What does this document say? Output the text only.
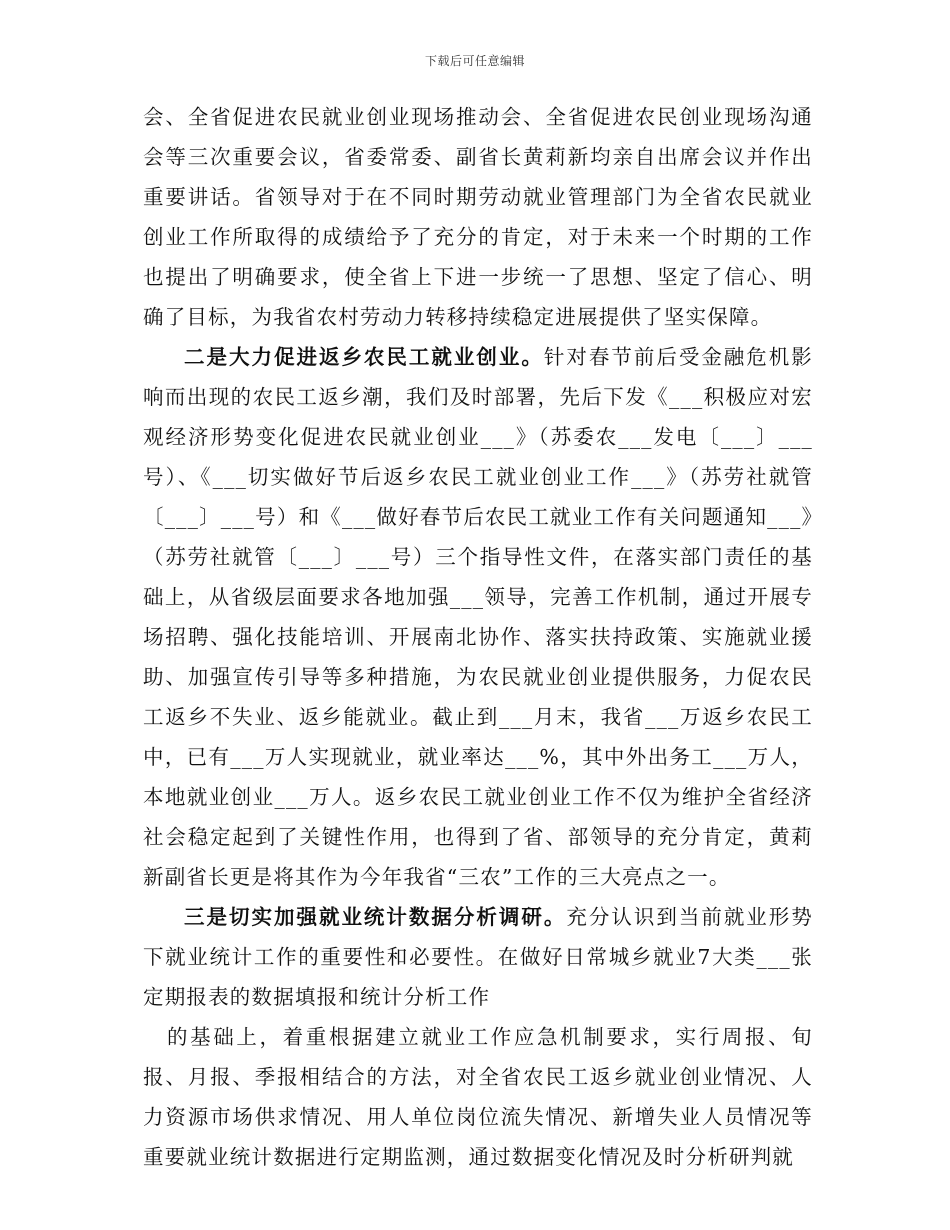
下载后可任意编辑

会、全省促进农民就业创业现场推动会、全省促进农民创业现场沟通会等三次重要会议，省委常委、副省长黄莉新均亲自出席会议并作出重要讲话。省领导对于在不同时期劳动就业管理部门为全省农民就业创业工作所取得的成绩给予了充分的肯定，对于未来一个时期的工作也提出了明确要求，使全省上下进一步统一了思想、坚定了信心、明确了目标，为我省农村劳动力转移持续稳定进展提供了坚实保障。

二是大力促进返乡农民工就业创业。针对春节前后受金融危机影响而出现的农民工返乡潮，我们及时部署，先后下发《___积极应对宏观经济形势变化促进农民就业创业___》（苏委农___发电〔___〕___号）、《___切实做好节后返乡农民工就业创业工作___》（苏劳社就管〔___〕___号）和《___做好春节后农民工就业工作有关问题通知___》（苏劳社就管〔___〕___号）三个指导性文件，在落实部门责任的基础上，从省级层面要求各地加强___领导，完善工作机制，通过开展专场招聘、强化技能培训、开展南北协作、落实扶持政策、实施就业援助、加强宣传引导等多种措施，为农民就业创业提供服务，力促农民工返乡不失业、返乡能就业。截止到___月末，我省___万返乡农民工中，已有___万人实现就业，就业率达___%，其中外出务工___万人，本地就业创业___万人。返乡农民工就业创业工作不仅为维护全省经济社会稳定起到了关键性作用，也得到了省、部领导的充分肯定，黄莉新副省长更是将其作为今年我省“三农”工作的三大亮点之一。

三是切实加强就业统计数据分析调研。充分认识到当前就业形势下就业统计工作的重要性和必要性。在做好日常城乡就业7大类___张定期报表的数据填报和统计分析工作

的基础上，着重根据建立就业工作应急机制要求，实行周报、旬报、月报、季报相结合的方法，对全省农民工返乡就业创业情况、人力资源市场供求情况、用人单位岗位流失情况、新增失业人员情况等重要就业统计数据进行定期监测，通过数据变化情况及时分析研判就
